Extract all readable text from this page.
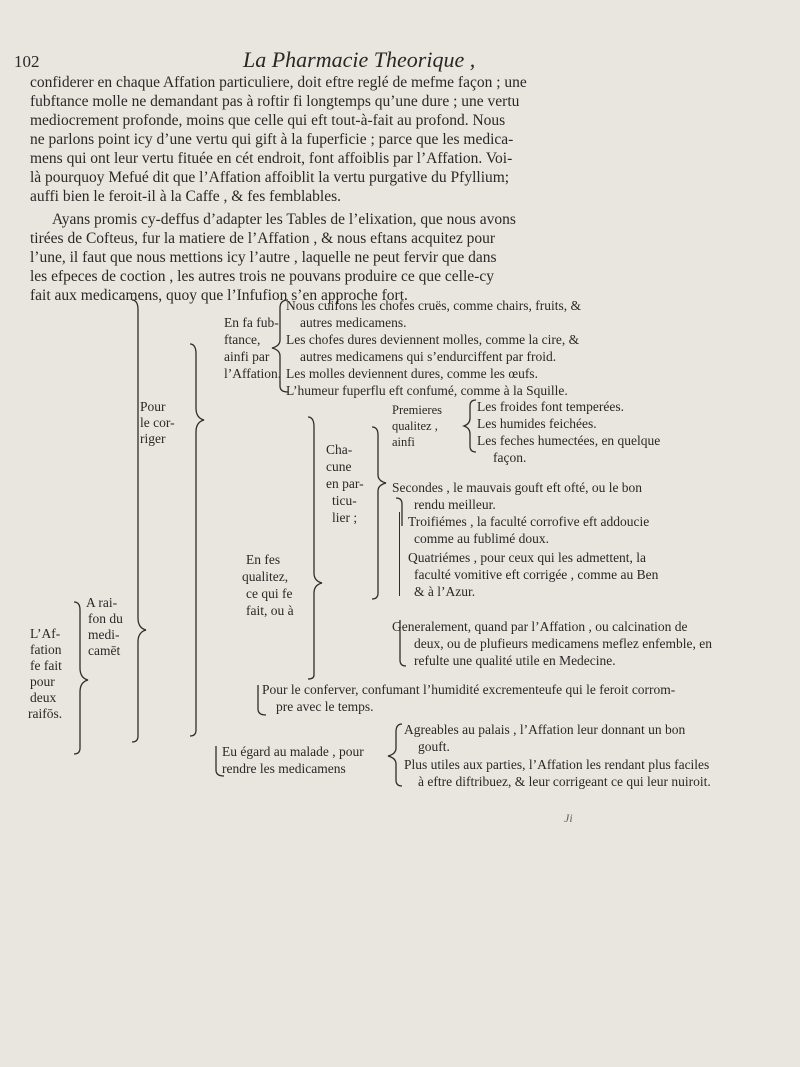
102	La Pharmacie Theorique ,
confiderer en chaque Affation particuliere, doit eftre reglé de mefme façon ; une
fubftance molle ne demandant pas à roftir fi longtemps qu’une dure ; une vertu
mediocrement profonde, moins que celle qui eft tout-à-fait au profond. Nous
ne parlons point icy d’une vertu qui gift à la fuperficie ; parce que les medica-
mens qui ont leur vertu fituée en cét endroit, font affoiblis par l’Affation. Voi-
là pourquoy Mefué dit que l’Affation affoiblit la vertu purgative du Pfyllium;
auffi bien le feroit-il à la Caffe , & fes femblables.
Ayans promis cy-deffus d’adapter les Tables de l’elixation, que nous avons
tirées de Cofteus, fur la matiere de l’Affation , & nous eftans acquitez pour
l’une, il faut que nous mettions icy l’autre , laquelle ne peut fervir que dans
les efpeces de coction , les autres trois ne pouvans produire ce que celle-cy
fait aux medicamens, quoy que l’Infufion s’en approche fort.
L’Af-
fation
fe fait
pour
deux
raifōs.
A rai-
fon du
medi-
camēt
Pour
le cor-
riger
En fa fub-
ftance,
ainfi par
l’Affation.
Nous cuifons les chofes cruës, comme chairs, fruits, &
autres medicamens.
Les chofes dures deviennent molles, comme la cire, &
autres medicamens qui s’endurciffent par froid.
Les molles deviennent dures, comme les œufs.
L’humeur fuperflu eft confumé, comme à la Squille.
En fes
qualitez,
ce qui fe
fait, ou à
Cha-
cune
en par-
ticu-
lier ;
Premieres
qualitez ,
ainfi
Les froides font temperées.
Les humides feichées.
Les feches humectées, en quelque
façon.
Secondes , le mauvais gouft eft ofté, ou le bon
rendu meilleur.
Troifiémes , la faculté corrofive eft addoucie
comme au fublimé doux.
Quatriémes , pour ceux qui les admettent, la
faculté vomitive eft corrigée , comme au Ben
& à l’Azur.
Generalement, quand par l’Affation , ou calcination de
deux, ou de plufieurs medicamens meflez enfemble, en
refulte une qualité utile en Medecine.
Pour le conferver, confumant l’humidité excrementeufe qui le feroit corrom-
pre avec le temps.
Eu égard au malade , pour
rendre les medicamens
Agreables au palais , l’Affation leur donnant un bon
gouft.
Plus utiles aux parties, l’Affation les rendant plus faciles
à eftre diftribuez, & leur corrigeant ce qui leur nuiroit.
Ji
